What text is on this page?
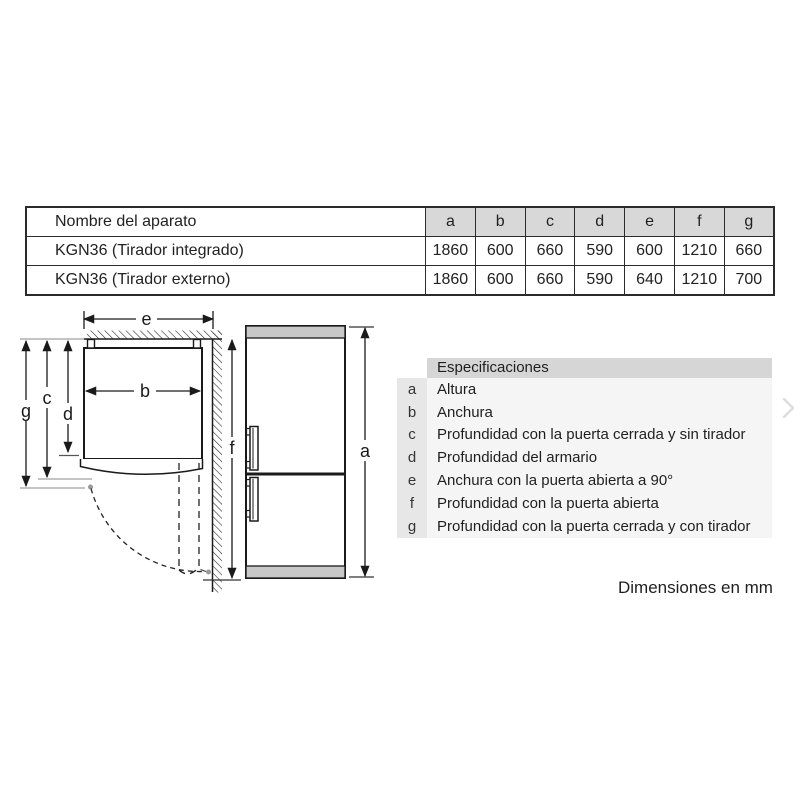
Nombre del aparato	a	b	c	d	e	f	g
KGN36 (Tirador integrado)	1860	600	660	590	600	1210	660
KGN36 (Tirador externo)	1860	600	660	590	640	1210	700
e
b
g
c
d
f	a
Especificaciones
a	Altura
b	Anchura
c	Profundidad con la puerta cerrada y sin tirador
d	Profundidad del armario
e	Anchura con la puerta abierta a 90°
f	Profundidad con la puerta abierta
g	Profundidad con la puerta cerrada y con tirador
Dimensiones en mm
